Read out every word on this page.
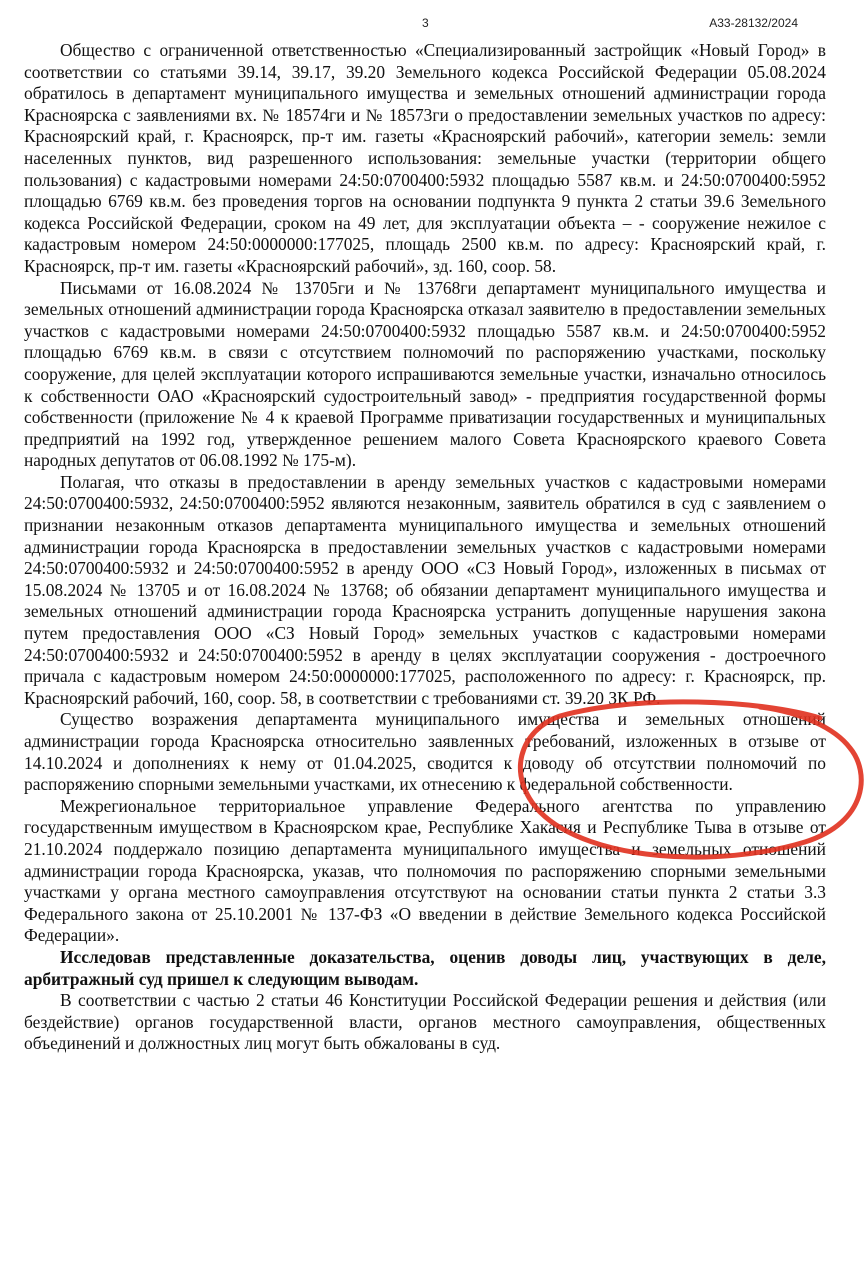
3	А33-28132/2024

Общество с ограниченной ответственностью «Специализированный застройщик «Новый Город» в соответствии со статьями 39.14, 39.17, 39.20 Земельного кодекса Российской Федерации 05.08.2024 обратилось в департамент муниципального имущества и земельных отношений администрации города Красноярска с заявлениями вх. № 18574ги и № 18573ги о предоставлении земельных участков по адресу: Красноярский край, г. Красноярск, пр-т им. газеты «Красноярский рабочий», категории земель: земли населенных пунктов, вид разрешенного использования: земельные участки (территории общего пользования) с кадастровыми номерами 24:50:0700400:5932 площадью 5587 кв.м. и 24:50:0700400:5952 площадью 6769 кв.м. без проведения торгов на основании подпункта 9 пункта 2 статьи 39.6 Земельного кодекса Российской Федерации, сроком на 49 лет, для эксплуатации объекта – - сооружение нежилое с кадастровым номером 24:50:0000000:177025, площадь 2500 кв.м. по адресу: Красноярский край, г. Красноярск, пр-т им. газеты «Красноярский рабочий», зд. 160, соор. 58.

Письмами от 16.08.2024 № 13705ги и № 13768ги департамент муниципального имущества и земельных отношений администрации города Красноярска отказал заявителю в предоставлении земельных участков с кадастровыми номерами 24:50:0700400:5932 площадью 5587 кв.м. и 24:50:0700400:5952 площадью 6769 кв.м. в связи с отсутствием полномочий по распоряжению участками, поскольку сооружение, для целей эксплуатации которого испрашиваются земельные участки, изначально относилось к собственности ОАО «Красноярский судостроительный завод» - предприятия государственной формы собственности (приложение № 4 к краевой Программе приватизации государственных и муниципальных предприятий на 1992 год, утвержденное решением малого Совета Красноярского краевого Совета народных депутатов от 06.08.1992 № 175-м).

Полагая, что отказы в предоставлении в аренду земельных участков с кадастровыми номерами 24:50:0700400:5932, 24:50:0700400:5952 являются незаконным, заявитель обратился в суд с заявлением о признании незаконным отказов департамента муниципального имущества и земельных отношений администрации города Красноярска в предоставлении земельных участков с кадастровыми номерами 24:50:0700400:5932 и 24:50:0700400:5952 в аренду ООО «СЗ Новый Город», изложенных в письмах от 15.08.2024 № 13705 и от 16.08.2024 № 13768; об обязании департамент муниципального имущества и земельных отношений администрации города Красноярска устранить допущенные нарушения закона путем предоставления ООО «СЗ Новый Город» земельных участков с кадастровыми номерами 24:50:0700400:5932 и 24:50:0700400:5952 в аренду в целях эксплуатации сооружения - достроечного причала с кадастровым номером 24:50:0000000:177025, расположенного по адресу: г. Красноярск, пр. Красноярский рабочий, 160, соор. 58, в соответствии с требованиями ст. 39.20 ЗК РФ.

Существо возражения департамента муниципального имущества и земельных отношений администрации города Красноярска относительно заявленных требований, изложенных в отзыве от 14.10.2024 и дополнениях к нему от 01.04.2025, сводится к доводу об отсутствии полномочий по распоряжению спорными земельными участками, их отнесению к федеральной собственности.

Межрегиональное территориальное управление Федерального агентства по управлению государственным имуществом в Красноярском крае, Республике Хакасия и Республике Тыва в отзыве от 21.10.2024 поддержало позицию департамента муниципального имущества и земельных отношений администрации города Красноярска, указав, что полномочия по распоряжению спорными земельными участками у органа местного самоуправления отсутствуют на основании статьи пункта 2 статьи 3.3 Федерального закона от 25.10.2001 № 137-ФЗ «О введении в действие Земельного кодекса Российской Федерации».

Исследовав представленные доказательства, оценив доводы лиц, участвующих в деле, арбитражный суд пришел к следующим выводам.

В соответствии с частью 2 статьи 46 Конституции Российской Федерации решения и действия (или бездействие) органов государственной власти, органов местного самоуправления, общественных объединений и должностных лиц могут быть обжалованы в суд.
